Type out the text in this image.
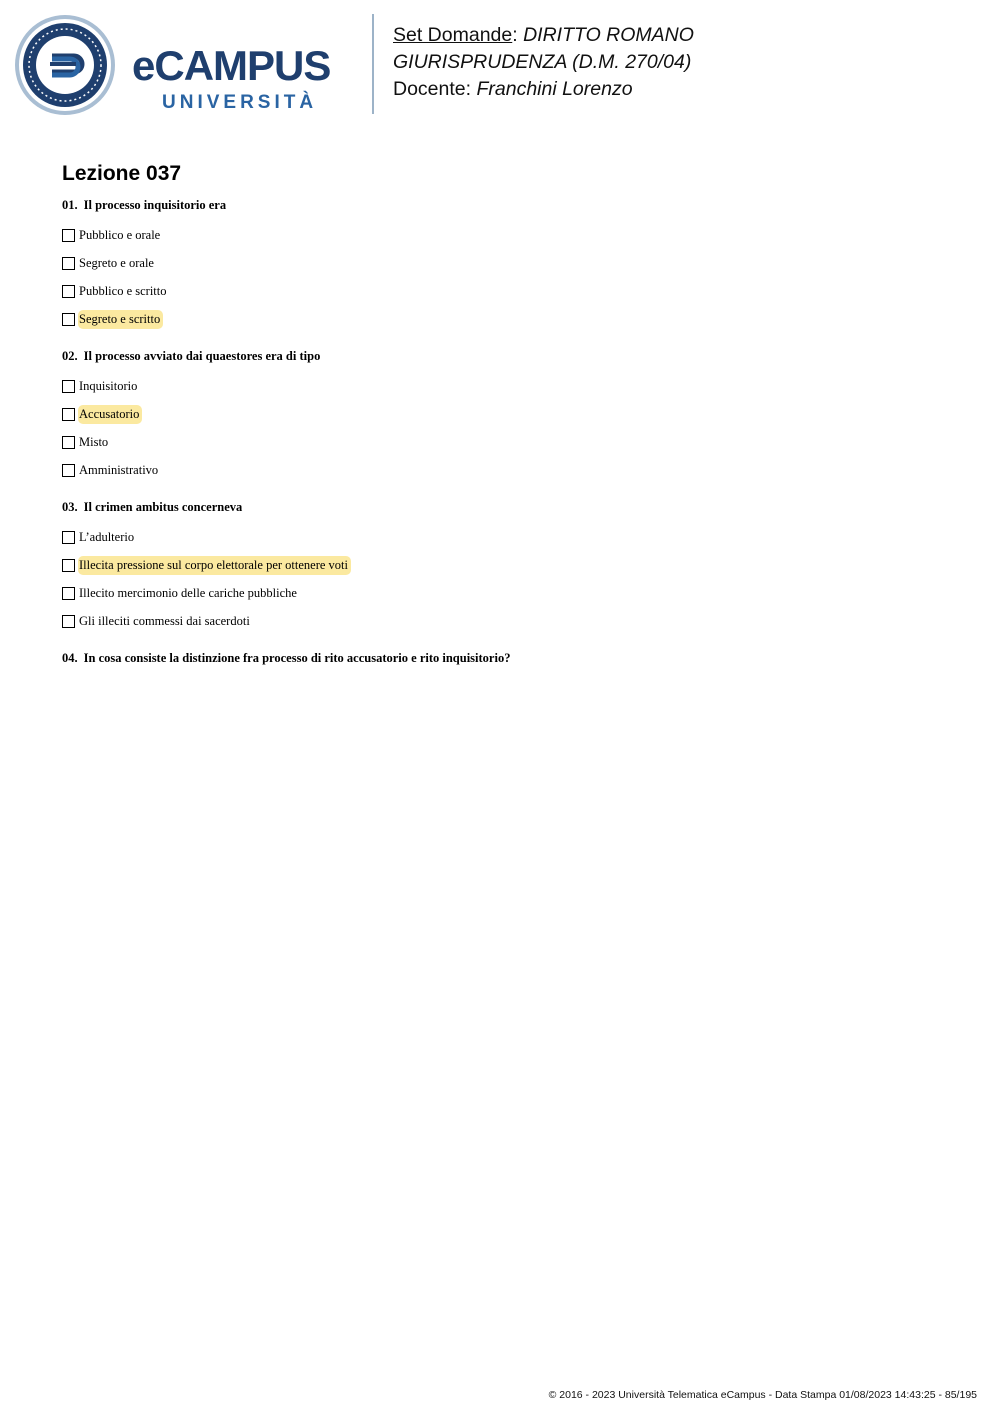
eCAMPUS
UNIVERSITÀ
Set Domande: DIRITTO ROMANO
GIURISPRUDENZA (D.M. 270/04)
Docente: Franchini Lorenzo
Lezione 037
01. Il processo inquisitorio era
Pubblico e orale
Segreto e orale
Pubblico e scritto
Segreto e scritto
02. Il processo avviato dai quaestores era di tipo
Inquisitorio
Accusatorio
Misto
Amministrativo
03. Il crimen ambitus concerneva
L’adulterio
Illecita pressione sul corpo elettorale per ottenere voti
Illecito mercimonio delle cariche pubbliche
Gli illeciti commessi dai sacerdoti
04. In cosa consiste la distinzione fra processo di rito accusatorio e rito inquisitorio?
© 2016 - 2023 Università Telematica eCampus - Data Stampa 01/08/2023 14:43:25 - 85/195
